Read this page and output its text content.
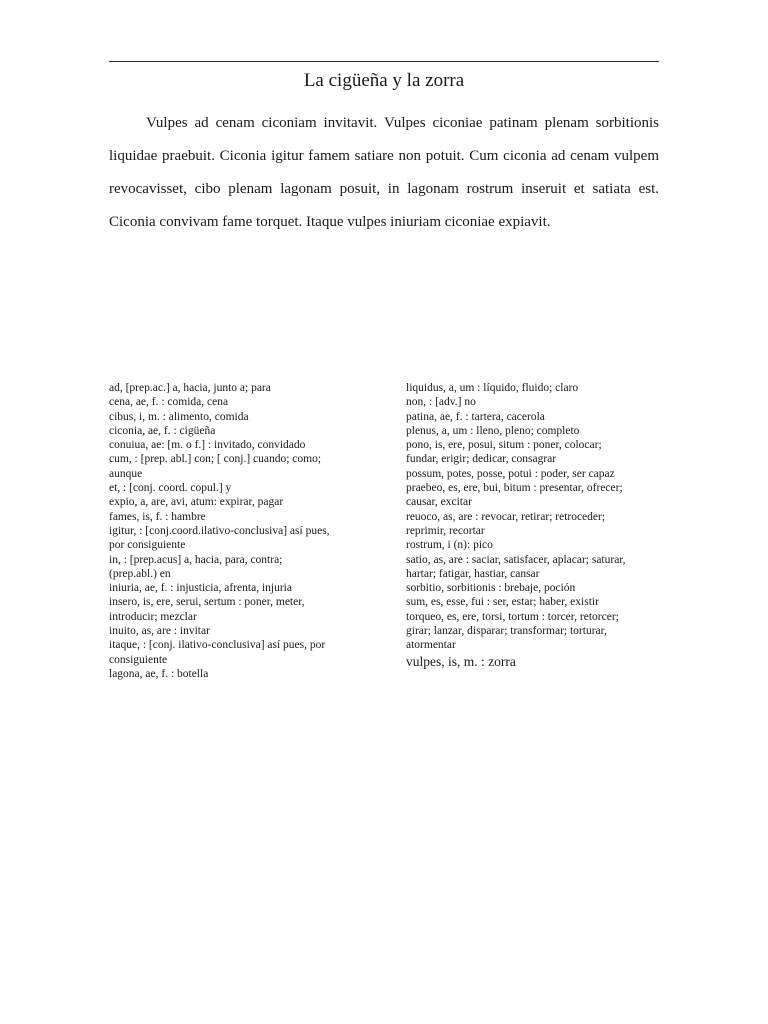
La cigüeña y la zorra

Vulpes ad cenam ciconiam invitavit. Vulpes ciconiae patinam plenam sorbitionis liquidae praebuit. Ciconia igitur famem satiare non potuit. Cum ciconia ad cenam vulpem revocavisset, cibo plenam lagonam posuit, in lagonam rostrum inseruit et satiata est. Ciconia convivam fame torquet. Itaque vulpes iniuriam ciconiae expiavit.

ad, [prep.ac.] a, hacia, junto a; para
cena, ae, f. : comida, cena
cibus, i, m. : alimento, comida
ciconia, ae, f. : cigüeña
conuiua, ae: [m. o f.] : invitado, convidado
cum, : [prep. abl.] con; [ conj.] cuando; como;
aunque
et, : [conj. coord. copul.] y
expio, a, are, avi, atum: expirar, pagar
fames, is, f. : hambre
igitur, : [conj.coord.ilativo-conclusiva] así pues,
por consiguiente
in, : [prep.acus] a, hacia, para, contra;
(prep.abl.) en
iniuria, ae, f. : injusticia, afrenta, injuria
insero, is, ere, serui, sertum : poner, meter,
introducir; mezclar
inuito, as, are : invitar
itaque, : [conj. ilativo-conclusiva] así pues, por
consiguiente
lagona, ae, f. : botella
liquidus, a, um : líquido, fluido; claro
non, : [adv.] no
patina, ae, f. : tartera, cacerola
plenus, a, um : lleno, pleno; completo
pono, is, ere, posui, situm : poner, colocar;
fundar, erigir; dedicar, consagrar
possum, potes, posse, potui : poder, ser capaz
praebeo, es, ere, bui, bitum : presentar, ofrecer;
causar, excitar
reuoco, as, are : revocar, retirar; retroceder;
reprimir, recortar
rostrum, i (n): pico
satio, as, are : saciar, satisfacer, aplacar; saturar,
hartar; fatigar, hastiar, cansar
sorbitio, sorbitionis : brebaje, poción
sum, es, esse, fui : ser, estar; haber, existir
torqueo, es, ere, torsi, tortum : torcer, retorcer;
girar; lanzar, disparar; transformar; torturar,
atormentar
vulpes, is, m. : zorra
